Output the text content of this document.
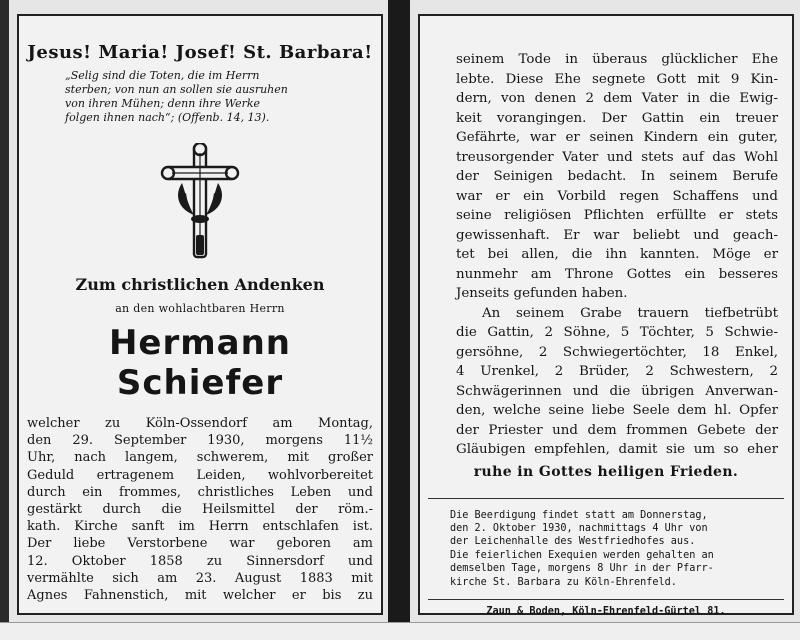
Jesus! Maria! Josef! St. Barbara!
„Selig sind die Toten, die im Herrn
sterben; von nun an sollen sie ausruhen
von ihren Mühen; denn ihre Werke
folgen ihnen nach“; (Offenb. 14, 13).
Zum christlichen Andenken
an den wohlachtbaren Herrn
Hermann Schiefer
welcher zu Köln-Ossendorf am Montag,
den 29. September 1930, morgens 11½
Uhr, nach langem, schwerem, mit großer
Geduld ertragenem Leiden, wohlvorbereitet
durch ein frommes, christliches Leben und
gestärkt durch die Heilsmittel der röm.-
kath. Kirche sanft im Herrn entschlafen ist.
Der liebe Verstorbene war geboren am
12. Oktober 1858 zu Sinnersdorf und
vermählte sich am 23. August 1883 mit
Agnes Fahnenstich, mit welcher er bis zu
seinem Tode in überaus glücklicher Ehe
lebte. Diese Ehe segnete Gott mit 9 Kin-
dern, von denen 2 dem Vater in die Ewig-
keit vorangingen. Der Gattin ein treuer
Gefährte, war er seinen Kindern ein guter,
treusorgender Vater und stets auf das Wohl
der Seinigen bedacht. In seinem Berufe
war er ein Vorbild regen Schaffens und
seine religiösen Pflichten erfüllte er stets
gewissenhaft. Er war beliebt und geach-
tet bei allen, die ihn kannten. Möge er
nunmehr am Throne Gottes ein besseres
Jenseits gefunden haben.
An seinem Grabe trauern tiefbetrübt
die Gattin, 2 Söhne, 5 Töchter, 5 Schwie-
gersöhne, 2 Schwiegertöchter, 18 Enkel,
4 Urenkel, 2 Brüder, 2 Schwestern, 2
Schwägerinnen und die übrigen Anverwan-
den, welche seine liebe Seele dem hl. Opfer
der Priester und dem frommen Gebete der
Gläubigen empfehlen, damit sie um so eher
ruhe in Gottes heiligen Frieden.
Die Beerdigung findet statt am Donnerstag,
den 2. Oktober 1930, nachmittags 4 Uhr von
der Leichenhalle des Westfriedhofes aus.
Die feierlichen Exequien werden gehalten an
demselben Tage, morgens 8 Uhr in der Pfarr-
kirche St. Barbara zu Köln-Ehrenfeld.
Zaun & Boden, Köln-Ehrenfeld-Gürtel 81.
